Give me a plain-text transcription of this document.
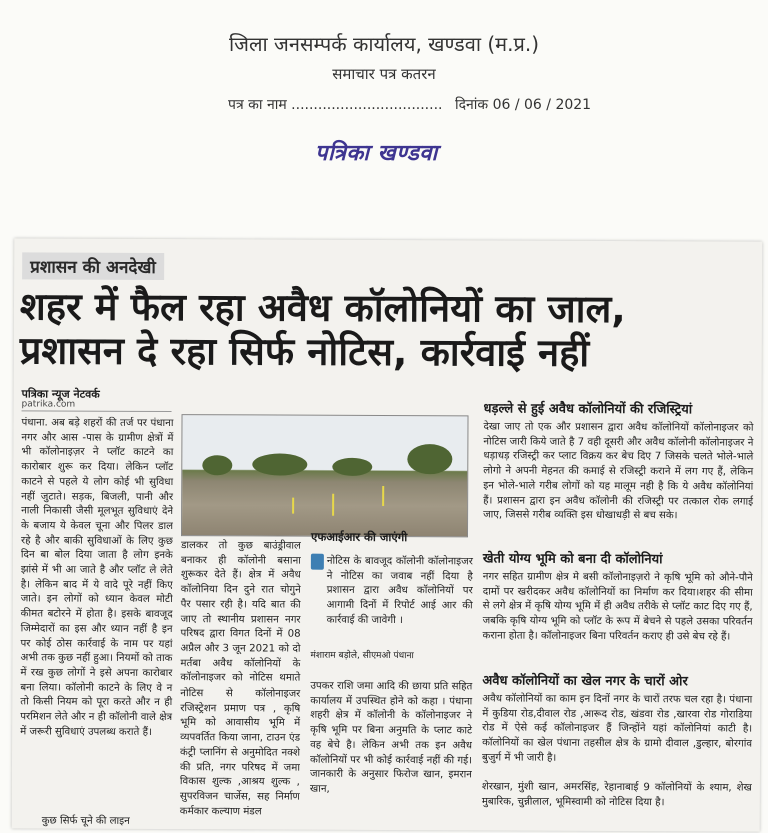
जिला जनसम्पर्क कार्यालय, खण्डवा (म.प्र.)
समाचार पत्र कतरन
पत्र का नाम .................................. दिनांक 06 / 06 / 2021
पत्रिका खण्डवा
प्रशासन की अनदेखी
शहर में फैल रहा अवैध कॉलोनियों का जाल,
प्रशासन दे रहा सिर्फ नोटिस, कार्रवाई नहीं
पत्रिका न्यूज नेटवर्क
patrika.com
पंधाना. अब बड़े शहरों की तर्ज पर पंधाना नगर और आस -पास के ग्रामीण क्षेत्रों में भी कॉलोनाइज़र ने प्लॉट काटने का कारोबार शुरू कर दिया। लेकिन प्लॉट काटने से पहले ये लोग कोई भी सुविधा नहीं जुटाते। सड़क, बिजली, पानी और नाली निकासी जैसी मूलभूत सुविधाएं देने के बजाय ये केवल चूना और पिलर डाल रहे है और बाकी सुविधाओं के लिए कुछ दिन बा बोल दिया जाता है लोग इनके झांसे में भी आ जाते है और प्लॉट ले लेते है। लेकिन बाद में ये वादे पूरे नहीं किए जाते। इन लोगों को ध्यान केवल मोटी कीमत बटोरने में होता है। इसके बावजूद जिम्मेदारों का इस और ध्यान नहीं है इन पर कोई ठोस कार्रवाई के नाम पर यहां अभी तक कुछ नहीं हुआ। नियमों को ताक में रख कुछ लोगों ने इसे अपना कारोबार बना लिया। कॉलोनी काटने के लिए वे न तो किसी नियम को पूरा करते और न ही परमिशन लेते और न ही कॉलोनी वाले क्षेत्र में जरूरी सुविधाएं उपलब्ध कराते हैं।
कुछ सिर्फ चूने की लाइन
डालकर तो कुछ बाउंड्रीवाल बनाकर ही कॉलोनी बसाना शुरूकर देते हैं। क्षेत्र में अवैध कॉलोनिया दिन दुने रात चोगुने पैर पसार रही है। यदि बात की जाए तो स्थानीय प्रशासन नगर परिषद द्वारा विगत दिनों में 08 अप्रैल और 3 जून 2021 को दो मर्तबा अवैध कॉलोनियों के कॉलोनाइजर को नोटिस थमाते
नोटिस से कॉलोनाइजर रजिस्ट्रेशन प्रमाण पत्र , कृषि भूमि को आवासीय भूमि में व्यपवर्तित किया जाना, टाउन एंड कंट्री प्लानिंग से अनुमोदित नक्शे की प्रति, नगर परिषद में जमा विकास शुल्क ,आश्रय शुल्क , सुपरविजन चार्जेस, सह निर्माण कर्मकार कल्याण मंडल
एफआईआर की जाएंगी
नोटिस के बावजूद कॉलोनी कॉलोनाइजर ने नोटिस का जवाब नहीं दिया है प्रशासन द्वारा अवैध कॉलोनियों पर आगामी दिनों में रिपोर्ट आई आर की कार्रवाई की जावेगी ।
मंशाराम बड़ोले, सीएमओ पंधाना
उपकर राशि जमा आदि की छाया प्रति सहित कार्यालय में उपस्थित होने को कहा । पंधाना शहरी क्षेत्र में कॉलोनी के कॉलोनाइजर ने कृषि भूमि पर बिना अनुमति के प्लाट काटे वह बेचे है। लेकिन अभी तक इन अवैध कॉलोनियों पर भी कोई कार्रवाई नहीं की गई। जानकारी के अनुसार फिरोज खान, इमरान खान,
धड़ल्ले से हुई अवैध कॉलोनियों की रजिस्ट्रियां
देखा जाए तो एक और प्रशासन द्वारा अवैध कॉलोनियों कॉलोनाइजर को नोटिस जारी किये जाते है 7 वही दूसरी और अवैध कॉलोनी कॉलोनाइजर ने धड़ाधड़ रजिस्ट्री कर प्लाट विक्रय कर बेच दिए 7 जिसके चलते भोले-भाले लोगो ने अपनी मेहनत की कमाई से रजिस्ट्री कराने में लग गए हैं, लेकिन इन भोले-भाले गरीब लोगों को यह मालूम नही है कि ये अवैध कॉलोनियां हैं। प्रशासन द्वारा इन अवैध कॉलोनी की रजिस्ट्री पर तत्काल रोक लगाई जाए, जिससे गरीब व्यक्ति इस धोखाधड़ी से बच सके।
खेती योग्य भूमि को बना दी कॉलोनियां
नगर सहित ग्रामीण क्षेत्र मे बसी कॉलोनाइज़रो ने कृषि भूमि को औने-पौने दामों पर खरीदकर अवैध कॉलोनियों का निर्माण कर दिया।शहर की सीमा से लगे क्षेत्र में कृषि योग्य भूमि में ही अवैध तरीके से प्लॉट काट दिए गए हैं, जबकि कृषि योग्य भूमि को प्लॉट के रूप में बेचने से पहले उसका परिवर्तन कराना होता है। कॉलोनाइजर बिना परिवर्तन कराए ही उसे बेच रहे हैं।
अवैध कॉलोनियों का खेल नगर के चारों ओर
अवैध कॉलोनियों का काम इन दिनों नगर के चारों तरफ चल रहा है। पंधाना में कुडिया रोड,दीवाल रोड ,आरूद रोड, खंडवा रोड ,खारवा रोड गोराडिया रोड में ऐसे कई कॉलोनाइजर हैं जिन्होंने यहां कॉलोनियां काटी है। कॉलोनियों का खेल पंधाना तहसील क्षेत्र के ग्रामो दीवाल ,डुल्हार, बोरगांव बुजुर्ग में भी जारी है।
शेरखान, मुंशी खान, अमरसिंह, रेहानाबाई 9 कॉलोनियों के श्याम, शेख मुबारिक, चुन्नीलाल, भूमिस्वामी को नोटिस दिया है।
